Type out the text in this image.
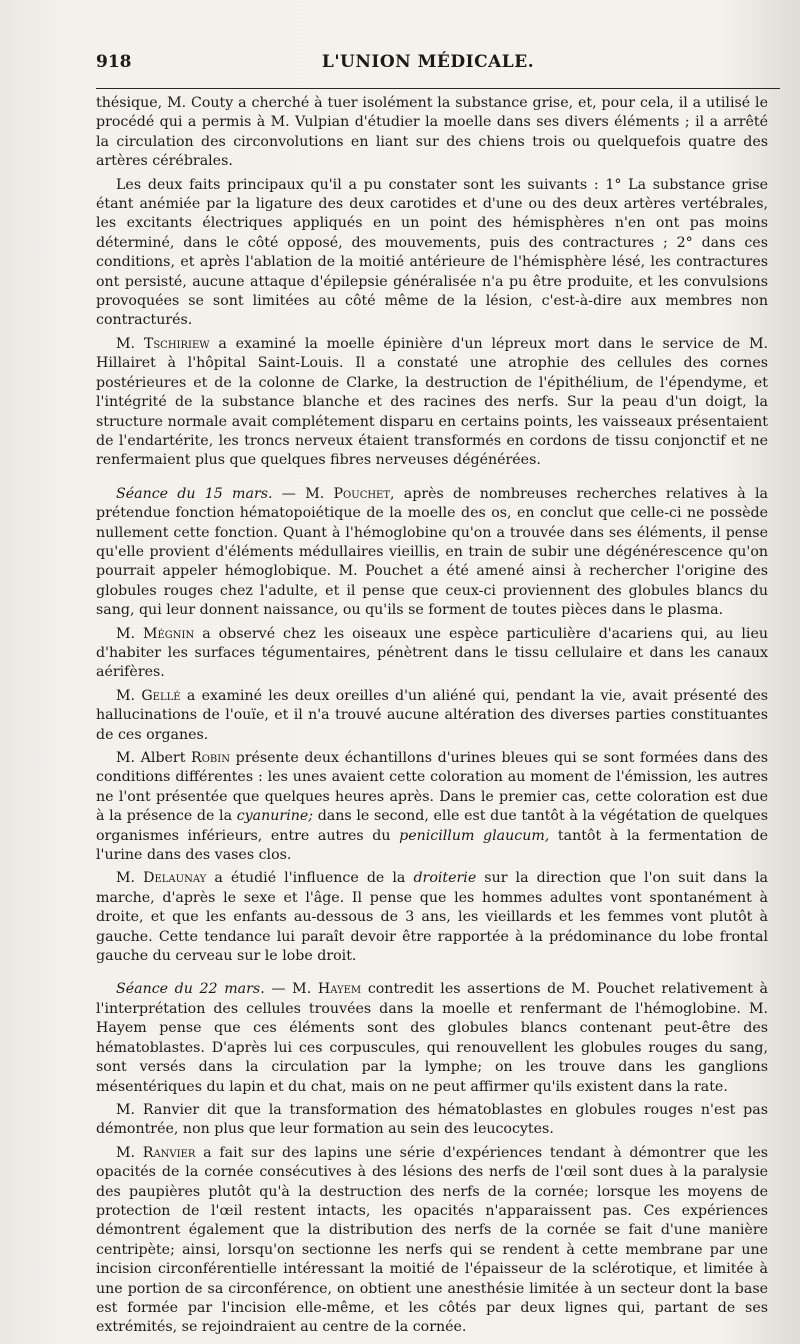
918	L'UNION MÉDICALE.

thésique, M. Couty a cherché à tuer isolément la substance grise, et, pour cela, il a utilisé le procédé qui a permis à M. Vulpian d'étudier la moelle dans ses divers éléments ; il a arrêté la circulation des circonvolutions en liant sur des chiens trois ou quelquefois quatre des artères cérébrales.

Les deux faits principaux qu'il a pu constater sont les suivants : 1° La substance grise étant anémiée par la ligature des deux carotides et d'une ou des deux artères vertébrales, les excitants électriques appliqués en un point des hémisphères n'en ont pas moins déterminé, dans le côté opposé, des mouvements, puis des contractures ; 2° dans ces conditions, et après l'ablation de la moitié antérieure de l'hémisphère lésé, les contractures ont persisté, aucune attaque d'épilepsie généralisée n'a pu être produite, et les convulsions provoquées se sont limitées au côté même de la lésion, c'est-à-dire aux membres non contracturés.

M. Tschiriew a examiné la moelle épinière d'un lépreux mort dans le service de M. Hillairet à l'hôpital Saint-Louis. Il a constaté une atrophie des cellules des cornes postérieures et de la colonne de Clarke, la destruction de l'épithélium, de l'épendyme, et l'intégrité de la substance blanche et des racines des nerfs. Sur la peau d'un doigt, la structure normale avait complétement disparu en certains points, les vaisseaux présentaient de l'endartérite, les troncs nerveux étaient transformés en cordons de tissu conjonctif et ne renfermaient plus que quelques fibres nerveuses dégénérées.

Séance du 15 mars. — M. Pouchet, après de nombreuses recherches relatives à la prétendue fonction hématopoiétique de la moelle des os, en conclut que celle-ci ne possède nullement cette fonction. Quant à l'hémoglobine qu'on a trouvée dans ses éléments, il pense qu'elle provient d'éléments médullaires vieillis, en train de subir une dégénérescence qu'on pourrait appeler hémoglobique. M. Pouchet a été amené ainsi à rechercher l'origine des globules rouges chez l'adulte, et il pense que ceux-ci proviennent des globules blancs du sang, qui leur donnent naissance, ou qu'ils se forment de toutes pièces dans le plasma.

M. Mégnin a observé chez les oiseaux une espèce particulière d'acariens qui, au lieu d'habiter les surfaces tégumentaires, pénètrent dans le tissu cellulaire et dans les canaux aérifères.

M. Gellé a examiné les deux oreilles d'un aliéné qui, pendant la vie, avait présenté des hallucinations de l'ouïe, et il n'a trouvé aucune altération des diverses parties constituantes de ces organes.

M. Albert Robin présente deux échantillons d'urines bleues qui se sont formées dans des conditions différentes : les unes avaient cette coloration au moment de l'émission, les autres ne l'ont présentée que quelques heures après. Dans le premier cas, cette coloration est due à la présence de la cyanurine; dans le second, elle est due tantôt à la végétation de quelques organismes inférieurs, entre autres du penicillum glaucum, tantôt à la fermentation de l'urine dans des vases clos.

M. Delaunay a étudié l'influence de la droiterie sur la direction que l'on suit dans la marche, d'après le sexe et l'âge. Il pense que les hommes adultes vont spontanément à droite, et que les enfants au-dessous de 3 ans, les vieillards et les femmes vont plutôt à gauche. Cette tendance lui paraît devoir être rapportée à la prédominance du lobe frontal gauche du cerveau sur le lobe droit.

Séance du 22 mars. — M. Hayem contredit les assertions de M. Pouchet relativement à l'interprétation des cellules trouvées dans la moelle et renfermant de l'hémoglobine. M. Hayem pense que ces éléments sont des globules blancs contenant peut-être des hématoblastes. D'après lui ces corpuscules, qui renouvellent les globules rouges du sang, sont versés dans la circulation par la lymphe; on les trouve dans les ganglions mésentériques du lapin et du chat, mais on ne peut affirmer qu'ils existent dans la rate.

M. Ranvier dit que la transformation des hématoblastes en globules rouges n'est pas démontrée, non plus que leur formation au sein des leucocytes.

M. Ranvier a fait sur des lapins une série d'expériences tendant à démontrer que les opacités de la cornée consécutives à des lésions des nerfs de l'œil sont dues à la paralysie des paupières plutôt qu'à la destruction des nerfs de la cornée; lorsque les moyens de protection de l'œil restent intacts, les opacités n'apparaissent pas. Ces expériences démontrent également que la distribution des nerfs de la cornée se fait d'une manière centripète; ainsi, lorsqu'on sectionne les nerfs qui se rendent à cette membrane par une incision circonférentielle intéressant la moitié de l'épaisseur de la sclérotique, et limitée à une portion de sa circonférence, on obtient une anesthésie limitée à un secteur dont la base est formée par l'incision elle-même, et les côtés par deux lignes qui, partant de ses extrémités, se rejoindraient au centre de la cornée.
